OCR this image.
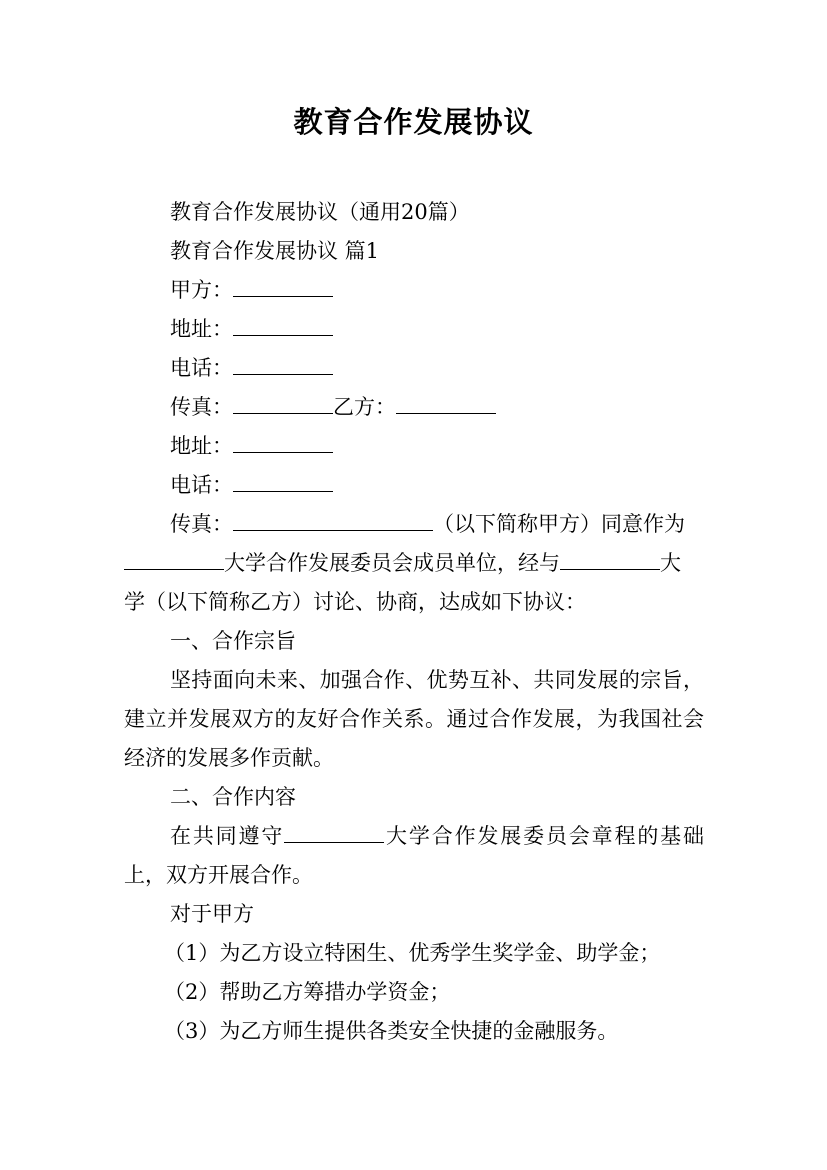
教育合作发展协议

教育合作发展协议（通用20篇）

教育合作发展协议 篇1

甲方：

地址：

电话：

传真：	乙方：

地址：

电话：

传真：	（以下简称甲方）同意作为

大学合作发展委员会成员单位，经与	大

学（以下简称乙方）讨论、协商，达成如下协议：

一、合作宗旨

坚持面向未来、加强合作、优势互补、共同发展的宗旨，建立并发展双方的友好合作关系。通过合作发展，为我国社会经济的发展多作贡献。

二、合作内容

在共同遵守	大学合作发展委员会章程的基础上，双方开展合作。

对于甲方

（1）为乙方设立特困生、优秀学生奖学金、助学金；

（2）帮助乙方筹措办学资金；

（3）为乙方师生提供各类安全快捷的金融服务。
